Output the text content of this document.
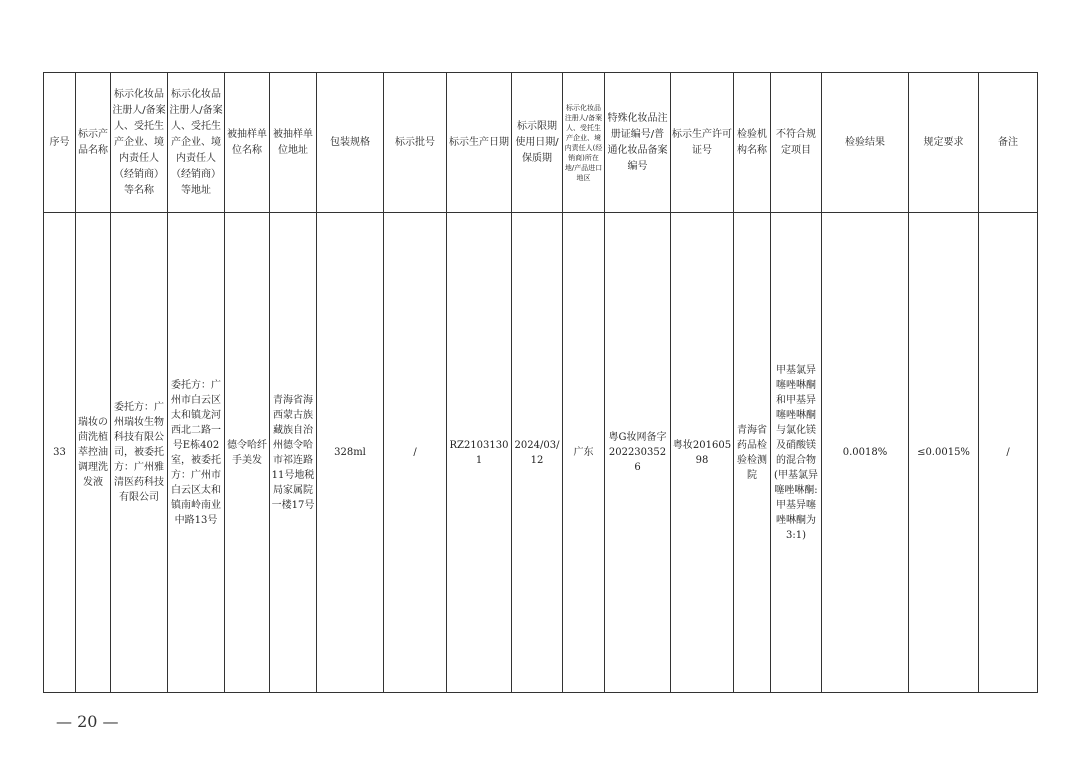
序号	标示产品名称	标示化妆品注册人/备案人、受托生产企业、境内责任人（经销商）等名称	标示化妆品注册人/备案人、受托生产企业、境内责任人（经销商）等地址	被抽样单位名称	被抽样单位地址	包装规格	标示批号	标示生产日期	标示限期使用日期/保质期	标示化妆品注册人/备案人、受托生产企业、境内责任人(经销商)所在地/产品进口地区	特殊化妆品注册证编号/普通化妆品备案编号	标示生产许可证号	检验机构名称	不符合规定项目	检验结果	规定要求	备注
33	瑞妆の茴洗植萃控油调理洗发液	委托方：广州瑞妆生物科技有限公司，被委托方：广州雅清医药科技有限公司	委托方：广州市白云区太和镇龙河西北二路一号E栋402室，被委托方：广州市白云区太和镇南岭南业中路13号	德令哈纤手美发	青海省海西蒙古族藏族自治州德令哈市祁连路11号地税局家属院一楼17号	328ml	/	RZ21031301	2024/03/12	广东	粤G妆网备字2022303526	粤妆20160598	青海省药品检验检测院	甲基氯异噻唑啉酮和甲基异噻唑啉酮与氯化镁及硝酸镁的混合物(甲基氯异噻唑啉酮:甲基异噻唑啉酮为3:1)	0.0018%	≤0.0015%	/
— 20 —
